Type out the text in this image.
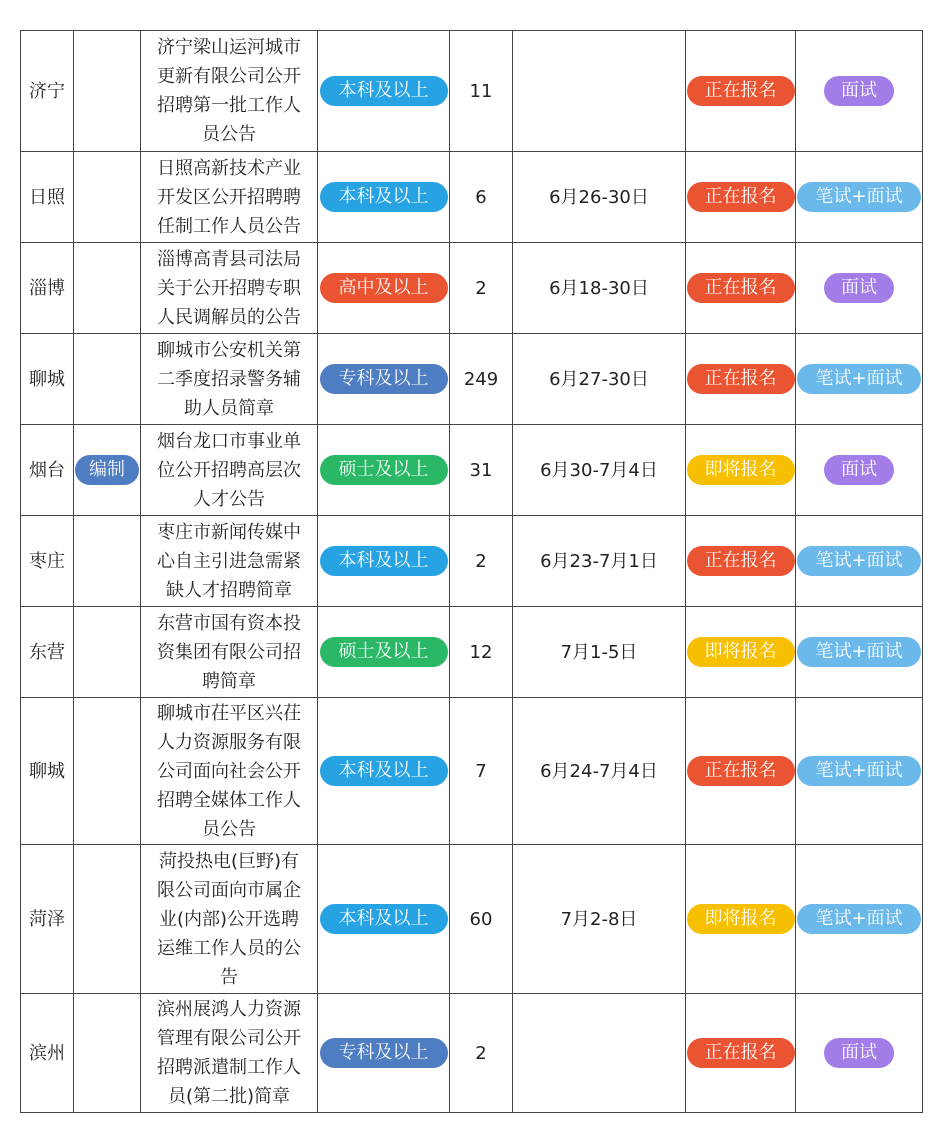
济宁		济宁梁山运河城市
更新有限公司公开
招聘第一批工作人
员公告	本科及以上	11		正在报名	面试
日照		日照高新技术产业
开发区公开招聘聘
任制工作人员公告	本科及以上	6	6月26-30日	正在报名	笔试+面试
淄博		淄博高青县司法局
关于公开招聘专职
人民调解员的公告	高中及以上	2	6月18-30日	正在报名	面试
聊城		聊城市公安机关第
二季度招录警务辅
助人员简章	专科及以上	249	6月27-30日	正在报名	笔试+面试
烟台	编制	烟台龙口市事业单
位公开招聘高层次
人才公告	硕士及以上	31	6月30-7月4日	即将报名	面试
枣庄		枣庄市新闻传媒中
心自主引进急需紧
缺人才招聘简章	本科及以上	2	6月23-7月1日	正在报名	笔试+面试
东营		东营市国有资本投
资集团有限公司招
聘简章	硕士及以上	12	7月1-5日	即将报名	笔试+面试
聊城		聊城市茌平区兴茌
人力资源服务有限
公司面向社会公开
招聘全媒体工作人
员公告	本科及以上	7	6月24-7月4日	正在报名	笔试+面试
菏泽		菏投热电(巨野)有
限公司面向市属企
业(内部)公开选聘
运维工作人员的公
告	本科及以上	60	7月2-8日	即将报名	笔试+面试
滨州		滨州展鸿人力资源
管理有限公司公开
招聘派遣制工作人
员(第二批)简章	专科及以上	2		正在报名	面试
